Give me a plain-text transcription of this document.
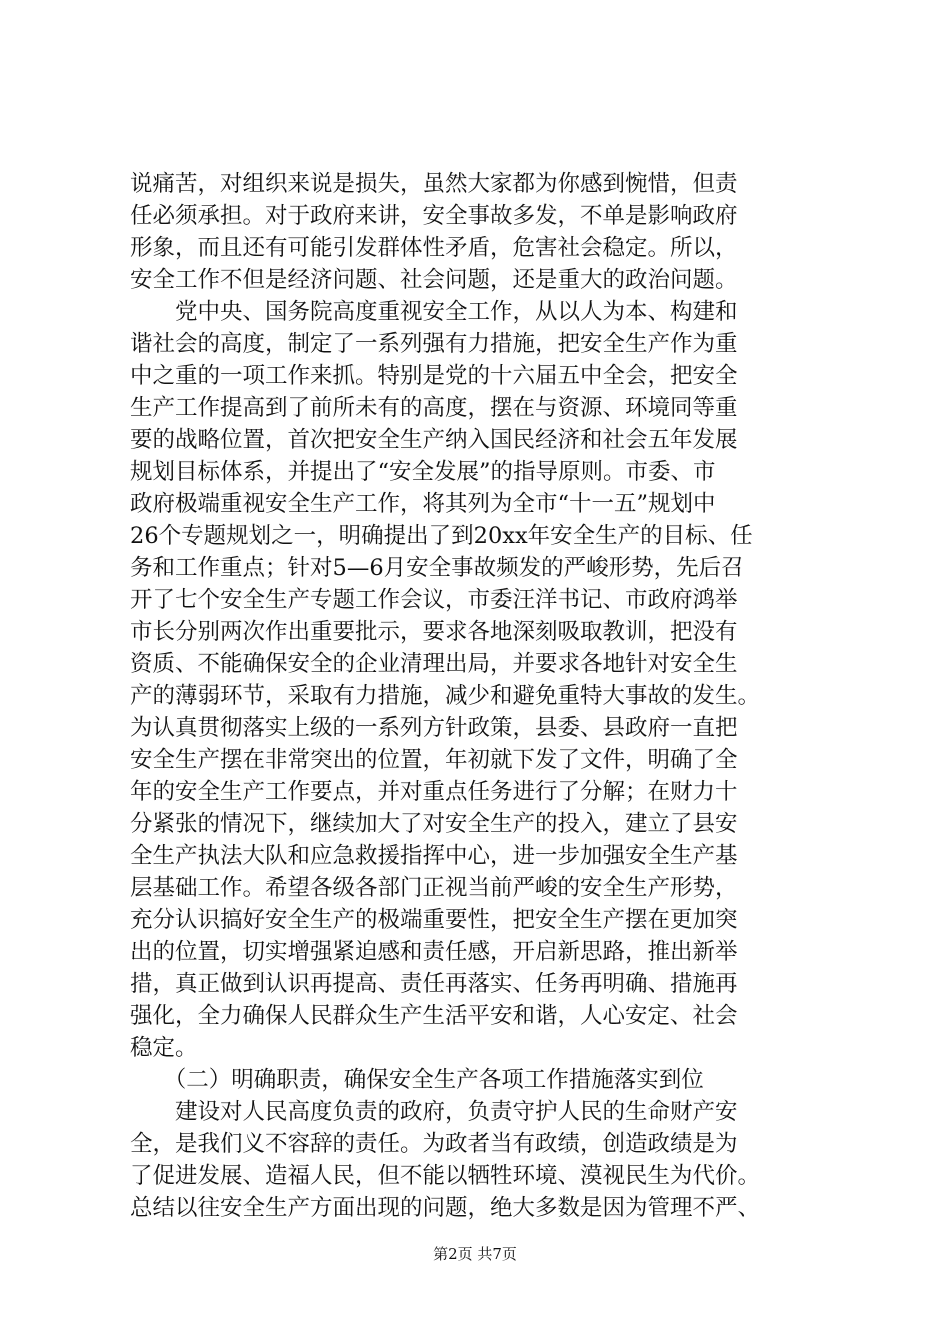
说痛苦，对组织来说是损失，虽然大家都为你感到惋惜，但责
任必须承担。对于政府来讲，安全事故多发，不单是影响政府
形象，而且还有可能引发群体性矛盾，危害社会稳定。所以，
安全工作不但是经济问题、社会问题，还是重大的政治问题。
　　党中央、国务院高度重视安全工作，从以人为本、构建和
谐社会的高度，制定了一系列强有力措施，把安全生产作为重
中之重的一项工作来抓。特别是党的十六届五中全会，把安全
生产工作提高到了前所未有的高度，摆在与资源、环境同等重
要的战略位置，首次把安全生产纳入国民经济和社会五年发展
规划目标体系，并提出了“安全发展”的指导原则。市委、市
政府极端重视安全生产工作，将其列为全市“十一五”规划中
26个专题规划之一，明确提出了到20xx年安全生产的目标、任
务和工作重点；针对5—6月安全事故频发的严峻形势，先后召
开了七个安全生产专题工作会议，市委汪洋书记、市政府鸿举
市长分别两次作出重要批示，要求各地深刻吸取教训，把没有
资质、不能确保安全的企业清理出局，并要求各地针对安全生
产的薄弱环节，采取有力措施，减少和避免重特大事故的发生。
为认真贯彻落实上级的一系列方针政策，县委、县政府一直把
安全生产摆在非常突出的位置，年初就下发了文件，明确了全
年的安全生产工作要点，并对重点任务进行了分解；在财力十
分紧张的情况下，继续加大了对安全生产的投入，建立了县安
全生产执法大队和应急救援指挥中心，进一步加强安全生产基
层基础工作。希望各级各部门正视当前严峻的安全生产形势，
充分认识搞好安全生产的极端重要性，把安全生产摆在更加突
出的位置，切实增强紧迫感和责任感，开启新思路，推出新举
措，真正做到认识再提高、责任再落实、任务再明确、措施再
强化，全力确保人民群众生产生活平安和谐，人心安定、社会
稳定。
　　（二）明确职责，确保安全生产各项工作措施落实到位
　　建设对人民高度负责的政府，负责守护人民的生命财产安
全，是我们义不容辞的责任。为政者当有政绩，创造政绩是为
了促进发展、造福人民，但不能以牺牲环境、漠视民生为代价。
总结以往安全生产方面出现的问题，绝大多数是因为管理不严、
第2页 共7页
